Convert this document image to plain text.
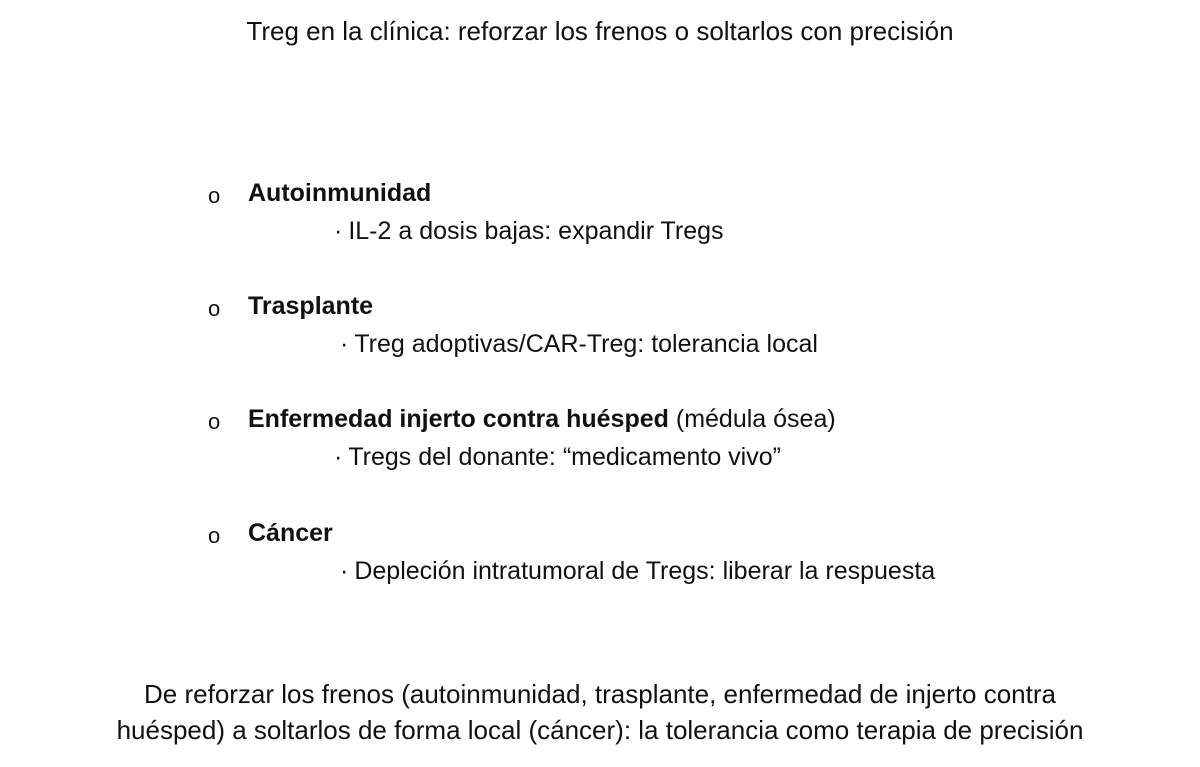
Treg en la clínica: reforzar los frenos o soltarlos con precisión
o Autoinmunidad
· IL-2 a dosis bajas: expandir Tregs
o Trasplante
· Treg adoptivas/CAR-Treg: tolerancia local
o Enfermedad injerto contra huésped (médula ósea)
· Tregs del donante: “medicamento vivo”
o Cáncer
· Depleción intratumoral de Tregs: liberar la respuesta
De reforzar los frenos (autoinmunidad, trasplante, enfermedad de injerto contra
huésped) a soltarlos de forma local (cáncer): la tolerancia como terapia de precisión
